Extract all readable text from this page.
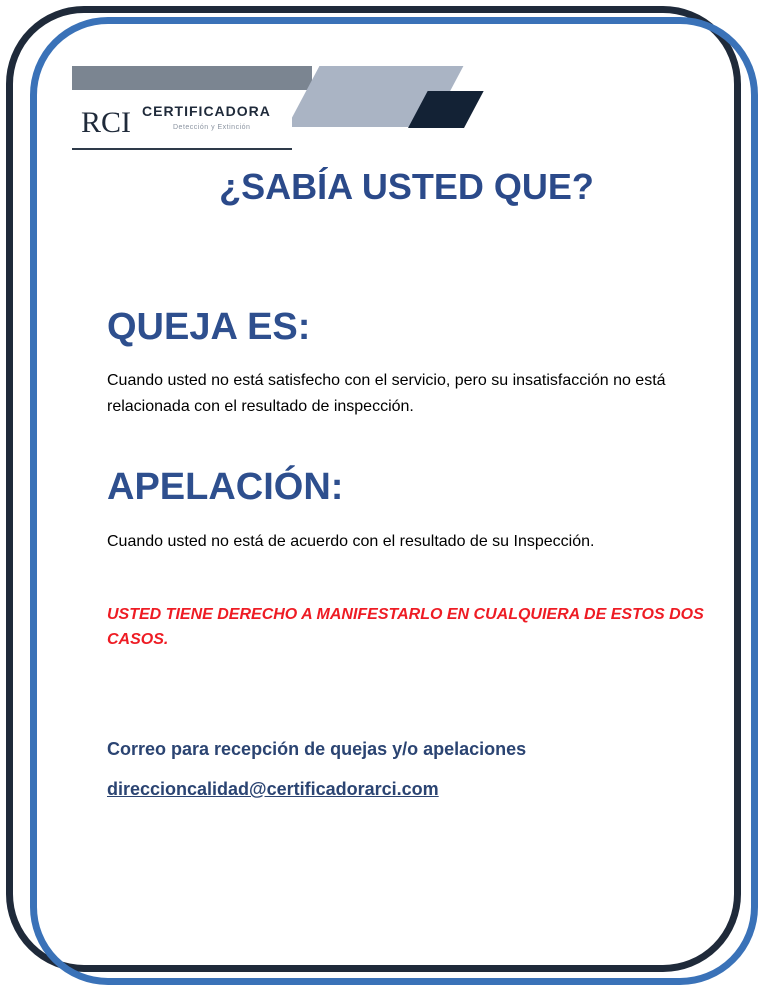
RCI CERTIFICADORA
Detección y Extinción
¿SABÍA USTED QUE?
QUEJA ES:

Cuando usted no está satisfecho con el servicio, pero su insatisfacción no está relacionada con el resultado de inspección.

APELACIÓN:

Cuando usted no está de acuerdo con el resultado de su Inspección.

USTED TIENE DERECHO A MANIFESTARLO EN CUALQUIERA DE ESTOS DOS CASOS.

Correo para recepción de quejas y/o apelaciones

direccioncalidad@certificadorarci.com
